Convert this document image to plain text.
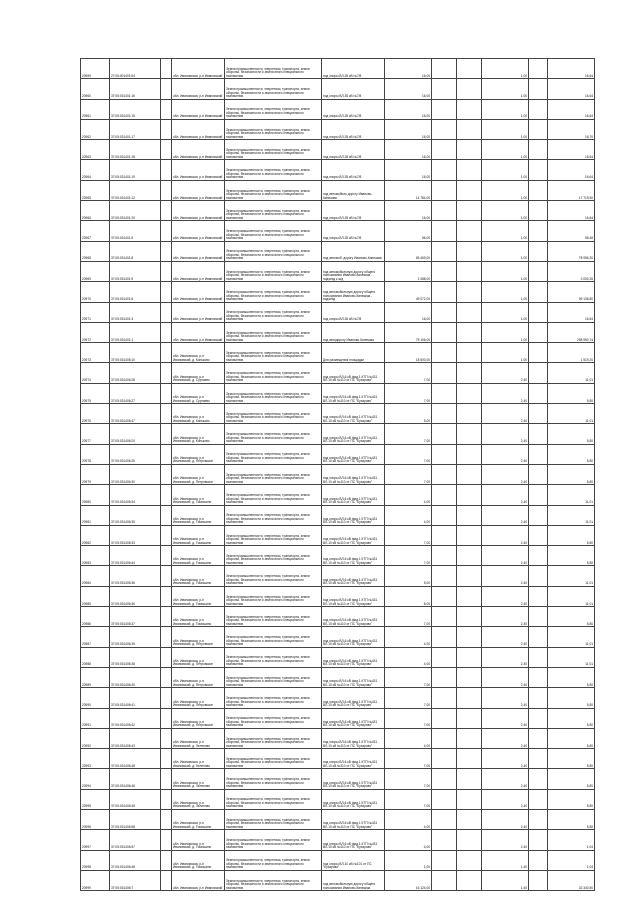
20959	27:05:001401:54		обл. Ивановская, р-н Ивановский	Земли промышленности, энергетики, транспорта, земли обороны, безопасности и земли иного специального назначения	под опоры ВЛ-35 кВ №7/8	16,00			1,00		16,64
20960	37:05:031401:16		обл. Ивановская, р-н Ивановский	Земли промышленности, энергетики, транспорта, земли обороны, безопасности и земли иного специального назначения	под опоры ВЛ-35 кВ №7/8	16,00			1,00		16,64
20961	37:05:031401:15		обл. Ивановская, р-н Ивановский	Земли промышленности, энергетики, транспорта, земли обороны, безопасности и земли иного специального назначения	под опоры ВЛ-35 кВ №7/8	16,00			1,00		16,64
20962	37:05:031401:17		обл. Ивановская, р-н Ивановский	Земли промышленности, энергетики, транспорта, земли обороны, безопасности и земли иного специального назначения	под опоры ВЛ-35 кВ №7/8	16,00			1,00		16,70
20963	37:05:031401:18		обл. Ивановская, р-н Ивановский	Земли промышленности, энергетики, транспорта, земли обороны, безопасности и земли иного специального назначения	под опоры ВЛ-35 кВ №7/8	16,00			1,00		16,64
20964	37:05:031401:19		обл. Ивановская, р-н Ивановский	Земли промышленности, энергетики, транспорта, земли обороны, безопасности и земли иного специального назначения	под опоры ВЛ-35 кВ №7/8	16,00			1,00		16,64
20965	37:05:031401:12		обл. Ивановская, р-н Ивановский	Земли промышленности, энергетики, транспорта, земли обороны, безопасности и земли иного специального назначения	под автомобиль дорогу Иваново-Кинешма	14 784,00			1,00		17 719,50
20966	37:05:031401:20		обл. Ивановская, р-н Ивановский	Земли промышленности, энергетики, транспорта, земли обороны, безопасности и земли иного специального назначения	под опоры ВЛ-35 кВ №7/8	16,00			1,00		16,64
20967	37:05:031401:5		обл. Ивановская, р-н Ивановский	Земли промышленности, энергетики, транспорта, земли обороны, безопасности и земли иного специального назначения	под опоры ВЛ-35 кВ №7/8	56,00			1,00		58,48
20968	37:05:031401:8		обл. Ивановская, р-н Ивановский	Земли промышленности, энергетики, транспорта, земли обороны, безопасности и земли иного специального назначения	под автомоб. дорогу Иваново-Кинешма	65 469,00			1,00		78 956,30
20969	37:05:031401:9		обл. Ивановская, р-н Ивановский	Земли промышленности, энергетики, транспорта, земли обороны, безопасности и земли иного специального назначения	под автомобильную дорогу общего пользования Иваново-Кинешма - подъезд к ж/д	2 488,00			1,00		3 000,26
20970	37:05:031401:6		обл. Ивановская, р-н Ивановский	Земли промышленности, энергетики, транспорта, земли обороны, безопасности и земли иного специального назначения	под автомобильную дорогу общего пользования Иваново-Кинешма - подъезд	49 072,00			1,00		59 136,80
20971	37:05:031401:3		обл. Ивановская, р-н Ивановский	Земли промышленности, энергетики, транспорта, земли обороны, безопасности и земли иного специального назначения	под опоры ВЛ-35 кВ №7/8	16,00			1,00		16,64
20972	37:05:031401:1		обл. Ивановская, р-н Ивановский	Земли промышленности, энергетики, транспорта, земли обороны, безопасности и земли иного специального назначения	под автодорогу Иваново-Кинешма	75 106,00			1,00		258 950,74
20973	37:05:031406:10		обл. Ивановская, р-н Ивановский, д. Коньково	Земли промышленности, энергетики, транспорта, земли обороны, безопасности и земли иного специального назначения	Для размещения площадки	18 500,00			1,00		1 519,20
20974	37:05:031406:28		обл. Ивановская, р-н Ивановский, д. Суртаево	Земли промышленности, энергетики, транспорта, земли обороны, безопасности и земли иного специального назначения	под опоры ВЛ-6 кВ фид.1 КТП №431 ВЛ-10 кВ №110 от ПС "Бухарово"	7,00			2,40		11,01
20975	37:05:031406:27		обл. Ивановская, р-н Ивановский, д. Суртаево	Земли промышленности, энергетики, транспорта, земли обороны, безопасности и земли иного специального назначения	под опоры ВЛ-6 кВ фид.1 КТП №431 ВЛ-10 кВ №110 от ПС "Бухарово"	7,00			2,40		5,80
20976	37:05:031406:47		обл. Ивановская, р-н Ивановский, д. Коньково	Земли промышленности, энергетики, транспорта, земли обороны, безопасности и земли иного специального назначения	под опоры ВЛ-6 кВ фид.1 КТП №431 ВЛ-10 кВ №110 от ПС "Бухарово"	5,00			2,40		11,01
20977	37:05:031406:20		обл. Ивановская, р-н Ивановский, д. Коньково	Земли промышленности, энергетики, транспорта, земли обороны, безопасности и земли иного специального назначения	под опоры ВЛ-6 кВ фид.1 КТП №431 ВЛ-10 кВ №110 от ПС "Бухарово"	7,00			2,40		5,80
20978	37:05:031406:25		обл. Ивановская, р-н Ивановский, д. Петровское	Земли промышленности, энергетики, транспорта, земли обороны, безопасности и земли иного специального назначения	под опоры ВЛ-6 кВ фид.1 КТП №431 ВЛ-10 кВ №110 от ПС "Бухарово"	7,00			2,40		5,80
20979	37:05:031406:30		обл. Ивановская, р-н Ивановский, д. Петровское	Земли промышленности, энергетики, транспорта, земли обороны, безопасности и земли иного специального назначения	под опоры ВЛ-6 кВ фид.1 КТП №431 ВЛ-10 кВ №110 от ПС "Бухарово"	7,00			2,40		5,80
20980	37:05:031406:34		обл. Ивановская, р-н Ивановский, д. Тимошино	Земли промышленности, энергетики, транспорта, земли обороны, безопасности и земли иного специального назначения	под опоры ВЛ-6 кВ фид.1 КТП №431 ВЛ-10 кВ №110 от ПС "Бухарово"	4,00			2,40		11,01
20981	37:05:031406:35		обл. Ивановская, р-н Ивановский, д. Тимошино	Земли промышленности, энергетики, транспорта, земли обороны, безопасности и земли иного специального назначения	под опоры ВЛ-6 кВ фид.1 КТП №431 ВЛ-10 кВ №110 от ПС "Бухарово"	4,00			2,40		11,01
20982	37:05:031406:33		обл. Ивановская, р-н Ивановский, д. Тимошино	Земли промышленности, энергетики, транспорта, земли обороны, безопасности и земли иного специального назначения	под опоры ВЛ-6 кВ фид.1 КТП №431 ВЛ-10 кВ №110 от ПС "Бухарово"	7,00			2,40		5,80
20983	37:05:031406:44		обл. Ивановская, р-н Ивановский, д. Тимошино	Земли промышленности, энергетики, транспорта, земли обороны, безопасности и земли иного специального назначения	под опоры ВЛ-6 кВ фид.1 КТП №431 ВЛ-10 кВ №110 от ПС "Бухарово"	7,00			2,40		5,80
20984	37:05:031406:36		обл. Ивановская, р-н Ивановский, д. Тимошино	Земли промышленности, энергетики, транспорта, земли обороны, безопасности и земли иного специального назначения	под опоры ВЛ-6 кВ фид.1 КТП №431 ВЛ-10 кВ №110 от ПС "Бухарово"	5,00			2,40		11,01
20985	37:05:031406:36		обл. Ивановская, р-н Ивановский, д. Тимошино	Земли промышленности, энергетики, транспорта, земли обороны, безопасности и земли иного специального назначения	под опоры ВЛ-6 кВ фид.1 КТП №431 ВЛ-10 кВ №110 от ПС "Бухарово"	8,00			2,40		11,01
20986	37:05:031406:37		обл. Ивановская, р-н Ивановский, д. Тимошино	Земли промышленности, энергетики, транспорта, земли обороны, безопасности и земли иного специального назначения	под опоры ВЛ-6 кВ фид.1 КТП №431 ВЛ-10 кВ №110 от ПС "Бухарово"	7,00			2,40		5,80
20987	37:05:031406:39		обл. Ивановская, р-н Ивановский, д. Петровское	Земли промышленности, энергетики, транспорта, земли обороны, безопасности и земли иного специального назначения	под опоры ВЛ-6 кВ фид.1 КТП №431 ВЛ-10 кВ №110 от ПС "Бухарово"	4,00			2,40		11,01
20988	37:05:031406:38		обл. Ивановская, р-н Ивановский, д. Петровское	Земли промышленности, энергетики, транспорта, земли обороны, безопасности и земли иного специального назначения	под опоры ВЛ-6 кВ фид.1 КТП №431 ВЛ-10 кВ №110 от ПС "Бухарово"	4,00			2,40		11,01
20989	37:05:031406:40		обл. Ивановская, р-н Ивановский, д. Петровское	Земли промышленности, энергетики, транспорта, земли обороны, безопасности и земли иного специального назначения	под опоры ВЛ-6 кВ фид.1 КТП №431 ВЛ-10 кВ №110 от ПС "Бухарово"	7,00			2,40		5,80
20990	37:05:031406:41		обл. Ивановская, р-н Ивановский, д. Петровское	Земли промышленности, энергетики, транспорта, земли обороны, безопасности и земли иного специального назначения	под опоры ВЛ-6 кВ фид.1 КТП №431 ВЛ-10 кВ №110 от ПС "Бухарово"	7,00			2,40		5,80
20991	37:05:031406:42		обл. Ивановская, р-н Ивановский, д. Петровское	Земли промышленности, энергетики, транспорта, земли обороны, безопасности и земли иного специального назначения	под опоры ВЛ-6 кВ фид.1 КТП №431 ВЛ-10 кВ №110 от ПС "Бухарово"	7,00			2,40		5,80
20992	37:05:031406:43		обл. Ивановская, р-н Ивановский, д. Зеленово	Земли промышленности, энергетики, транспорта, земли обороны, безопасности и земли иного специального назначения	под опоры ВЛ-6 кВ фид.1 КТП №431 ВЛ-10 кВ №110 от ПС "Бухарово"	4,00			2,40		5,80
20993	37:05:031406:48		обл. Ивановская, р-н Ивановский, д. Зеленово	Земли промышленности, энергетики, транспорта, земли обороны, безопасности и земли иного специального назначения	под опоры ВЛ-6 кВ фид.1 КТП №431 ВЛ-10 кВ №110 от ПС "Бухарово"	7,00			2,40		5,80
20994	37:05:031406:46		обл. Ивановская, р-н Ивановский, д. Зеленово	Земли промышленности, энергетики, транспорта, земли обороны, безопасности и земли иного специального назначения	под опоры ВЛ-6 кВ фид.1 КТП №431 ВЛ-10 кВ №110 от ПС "Бухарово"	7,00			2,40		5,80
20995	37:05:031406:45		обл. Ивановская, р-н Ивановский, д. Зеленово	Земли промышленности, энергетики, транспорта, земли обороны, безопасности и земли иного специального назначения	под опоры ВЛ-6 кВ фид.1 КТП №431 ВЛ-10 кВ №110 от ПС "Бухарово"	7,00			2,40		5,80
20996	37:05:031406:58		обл. Ивановская, р-н Ивановский, д. Тимошино	Земли промышленности, энергетики, транспорта, земли обороны, безопасности и земли иного специального назначения	под опоры ВЛ-6 кВ фид.1 КТП №431 ВЛ-10 кВ №110 от ПС "Бухарово"	4,00			2,40		5,80
20997	37:05:031406:57		обл. Ивановская, р-н Ивановский, д. Тимошино	Земли промышленности, энергетики, транспорта, земли обороны, безопасности и земли иного специального назначения	под опоры ВЛ-6 кВ фид.1 КТП №431 ВЛ-10 кВ №110 от ПС "Бухарово"	4,00			2,40		1,04
20998	37:05:031406:48		обл. Ивановская, р-н Ивановский, д. Тимошино	Земли промышленности, энергетики, транспорта, земли обороны, безопасности и земли иного специального назначения	под опоры ВЛ-10 кВ №101 от ПС "Бухарово"	1,00			1,40		1,04
20999	37:05:031406:7		обл. Ивановская, р-н Ивановский	Земли промышленности, энергетики, транспорта, земли обороны, безопасности и земли иного специального назначения	под автомобильную дорогу общего пользования Иваново-Кинешма	16 124,00			1,40		32 340,50
